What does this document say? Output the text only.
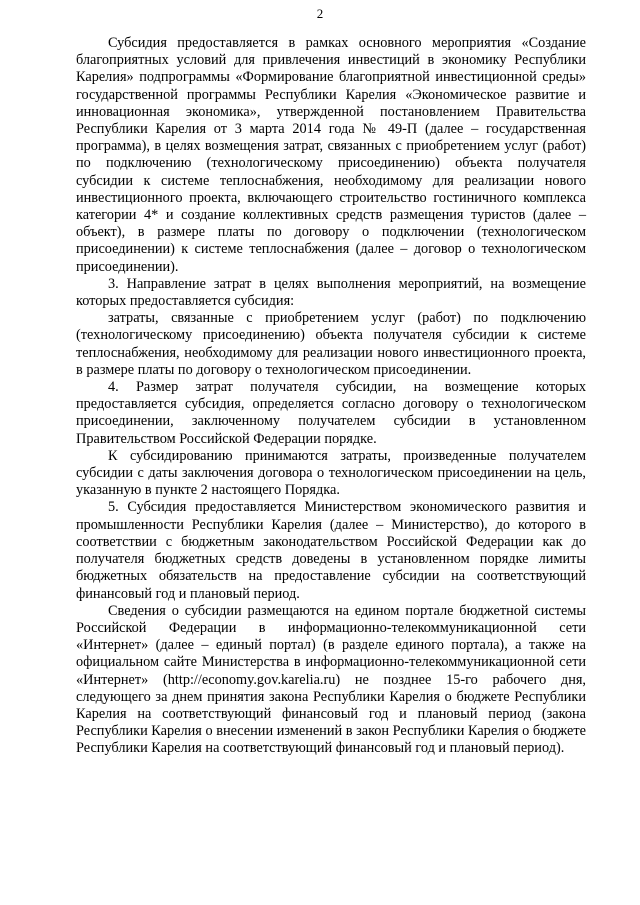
2

Субсидия предоставляется в рамках основного мероприятия «Создание благоприятных условий для привлечения инвестиций в экономику Республики Карелия» подпрограммы «Формирование благоприятной инвестиционной среды» государственной программы Республики Карелия «Экономическое развитие и инновационная экономика», утвержденной постановлением Правительства Республики Карелия от 3 марта 2014 года № 49-П (далее – государственная программа), в целях возмещения затрат, связанных с приобретением услуг (работ) по подключению (технологическому присоединению) объекта получателя субсидии к системе теплоснабжения, необходимому для реализации нового инвестиционного проекта, включающего строительство гостиничного комплекса категории 4* и создание коллективных средств размещения туристов (далее – объект), в размере платы по договору о подключении (технологическом присоединении) к системе теплоснабжения (далее – договор о технологическом присоединении).

3. Направление затрат в целях выполнения мероприятий, на возмещение которых предоставляется субсидия:

затраты, связанные с приобретением услуг (работ) по подключению (технологическому присоединению) объекта получателя субсидии к системе теплоснабжения, необходимому для реализации нового инвестиционного проекта, в размере платы по договору о технологическом присоединении.

4. Размер затрат получателя субсидии, на возмещение которых предоставляется субсидия, определяется согласно договору о технологическом присоединении, заключенному получателем субсидии в установленном Правительством Российской Федерации порядке.

К субсидированию принимаются затраты, произведенные получателем субсидии с даты заключения договора о технологическом присоединении на цель, указанную в пункте 2 настоящего Порядка.

5. Субсидия предоставляется Министерством экономического развития и промышленности Республики Карелия (далее – Министерство), до которого в соответствии с бюджетным законодательством Российской Федерации как до получателя бюджетных средств доведены в установленном порядке лимиты бюджетных обязательств на предоставление субсидии на соответствующий финансовый год и плановый период.

Сведения о субсидии размещаются на едином портале бюджетной системы Российской Федерации в информационно-телекоммуникационной сети «Интернет» (далее – единый портал) (в разделе единого портала), а также на официальном сайте Министерства в информационно-телекоммуникационной сети «Интернет» (http://economy.gov.karelia.ru) не позднее 15-го рабочего дня, следующего за днем принятия закона Республики Карелия о бюджете Республики Карелия на соответствующий финансовый год и плановый период (закона Республики Карелия о внесении изменений в закон Республики Карелия о бюджете Республики Карелия на соответствующий финансовый год и плановый период).
